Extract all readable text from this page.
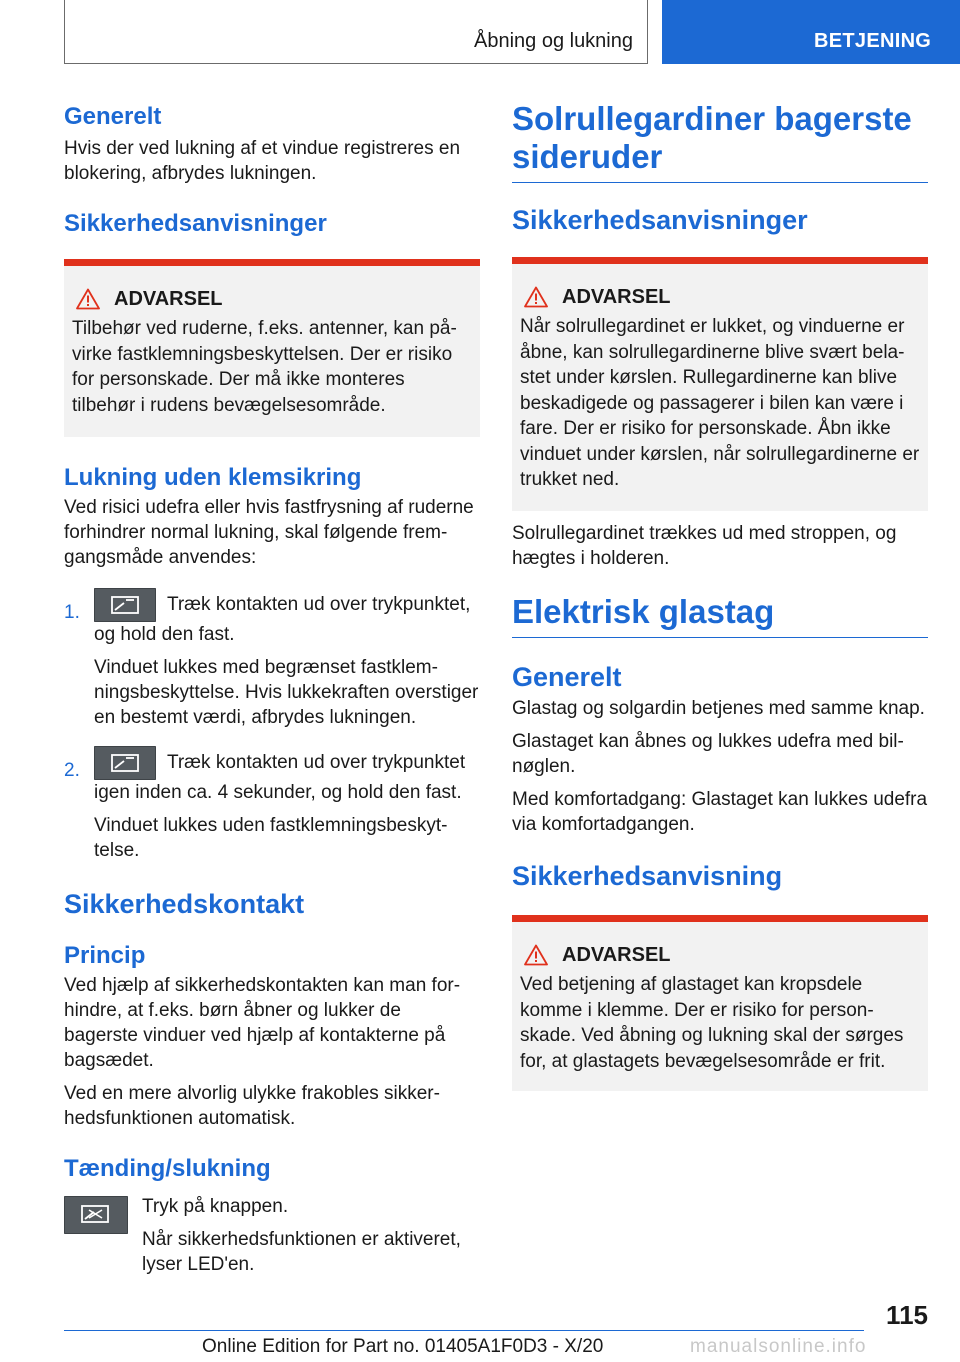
Åbning og lukning	BETJENING
Generelt

Hvis der ved lukning af et vindue registreres en blokering, afbrydes lukningen.

Sikkerhedsanvisninger
ADVARSEL

Tilbehør ved ruderne, f.eks. antenner, kan påvirke fastklemningsbeskyttelsen. Der er risiko for personskade. Der må ikke monteres tilbehør i rudens bevægelsesområde.

Lukning uden klemsikring

Ved risici udefra eller hvis fastfrysning af ruderne forhindrer normal lukning, skal følgende fremgangsmåde anvendes:

1.	Træk kontakten ud over trykpunktet, og hold den fast.

Vinduet lukkes med begrænset fastklemningsbeskyttelse. Hvis lukkekraften overstiger en bestemt værdi, afbrydes lukningen.

2.	Træk kontakten ud over trykpunktet igen inden ca. 4 sekunder, og hold den fast.

Vinduet lukkes uden fastklemningsbeskyttelse.

Sikkerhedskontakt
Princip

Ved hjælp af sikkerhedskontakten kan man forhindre, at f.eks. børn åbner og lukker de bagerste vinduer ved hjælp af kontakterne på bagsædet.

Ved en mere alvorlig ulykke frakobles sikkerhedsfunktionen automatisk.

Tænding/slukning

Tryk på knappen.

Når sikkerhedsfunktionen er aktiveret, lyser LED'en.

Solrullegardiner bagerste sideruder
Sikkerhedsanvisninger
ADVARSEL

Når solrullegardinet er lukket, og vinduerne er åbne, kan solrullegardinerne blive svært belastet under kørslen. Rullegardinerne kan blive beskadigede og passagerer i bilen kan være i fare. Der er risiko for personskade. Åbn ikke vinduet under kørslen, når solrullegardinerne er trukket ned.

Solrullegardinet trækkes ud med stroppen, og hægtes i holderen.

Elektrisk glastag
Generelt

Glastag og solgardin betjenes med samme knap.

Glastaget kan åbnes og lukkes udefra med bilnøglen.

Med komfortadgang: Glastaget kan lukkes udefra via komfortadgangen.

Sikkerhedsanvisning
ADVARSEL

Ved betjening af glastaget kan kropsdele komme i klemme. Der er risiko for personskade. Ved åbning og lukning skal der sørges for, at glastagets bevægelsesområde er frit.

115
Online Edition for Part no. 01405A1F0D3 - X/20	manualsonline.info
